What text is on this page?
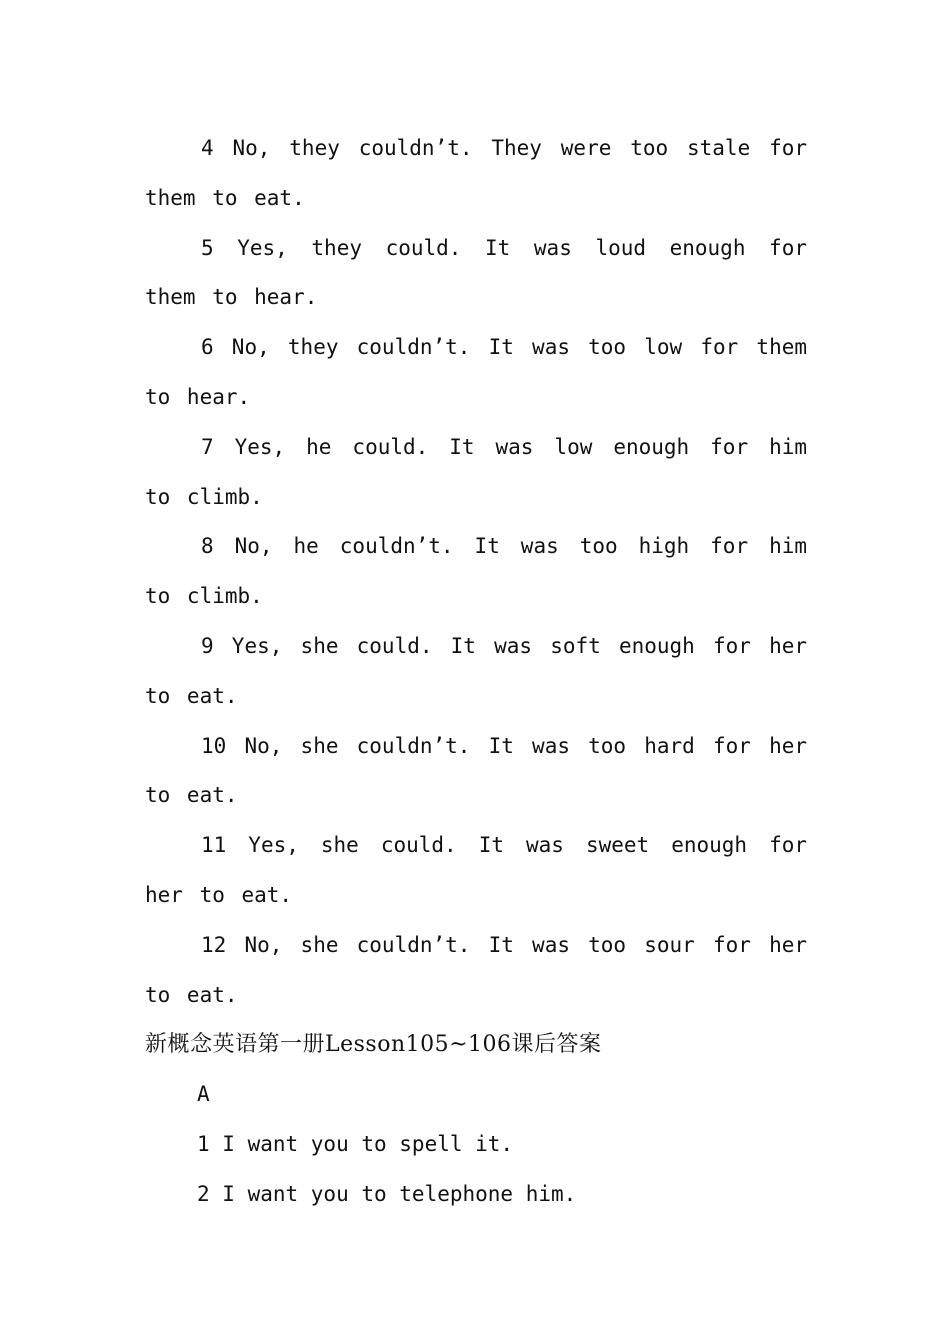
4 No, they couldn’t. They were too stale for them to eat.

5 Yes, they could. It was loud enough for them to hear.

6 No, they couldn’t. It was too low for them to hear.

7 Yes, he could. It was low enough for him to climb.

8 No, he couldn’t. It was too high for him to climb.

9 Yes, she could. It was soft enough for her to eat.

10 No, she couldn’t. It was too hard for her to eat.

11 Yes, she could. It was sweet enough for her to eat.

12 No, she couldn’t. It was too sour for her to eat.

新概念英语第一册Lesson105~106课后答案

A

1 I want you to spell it.

2 I want you to telephone him.
